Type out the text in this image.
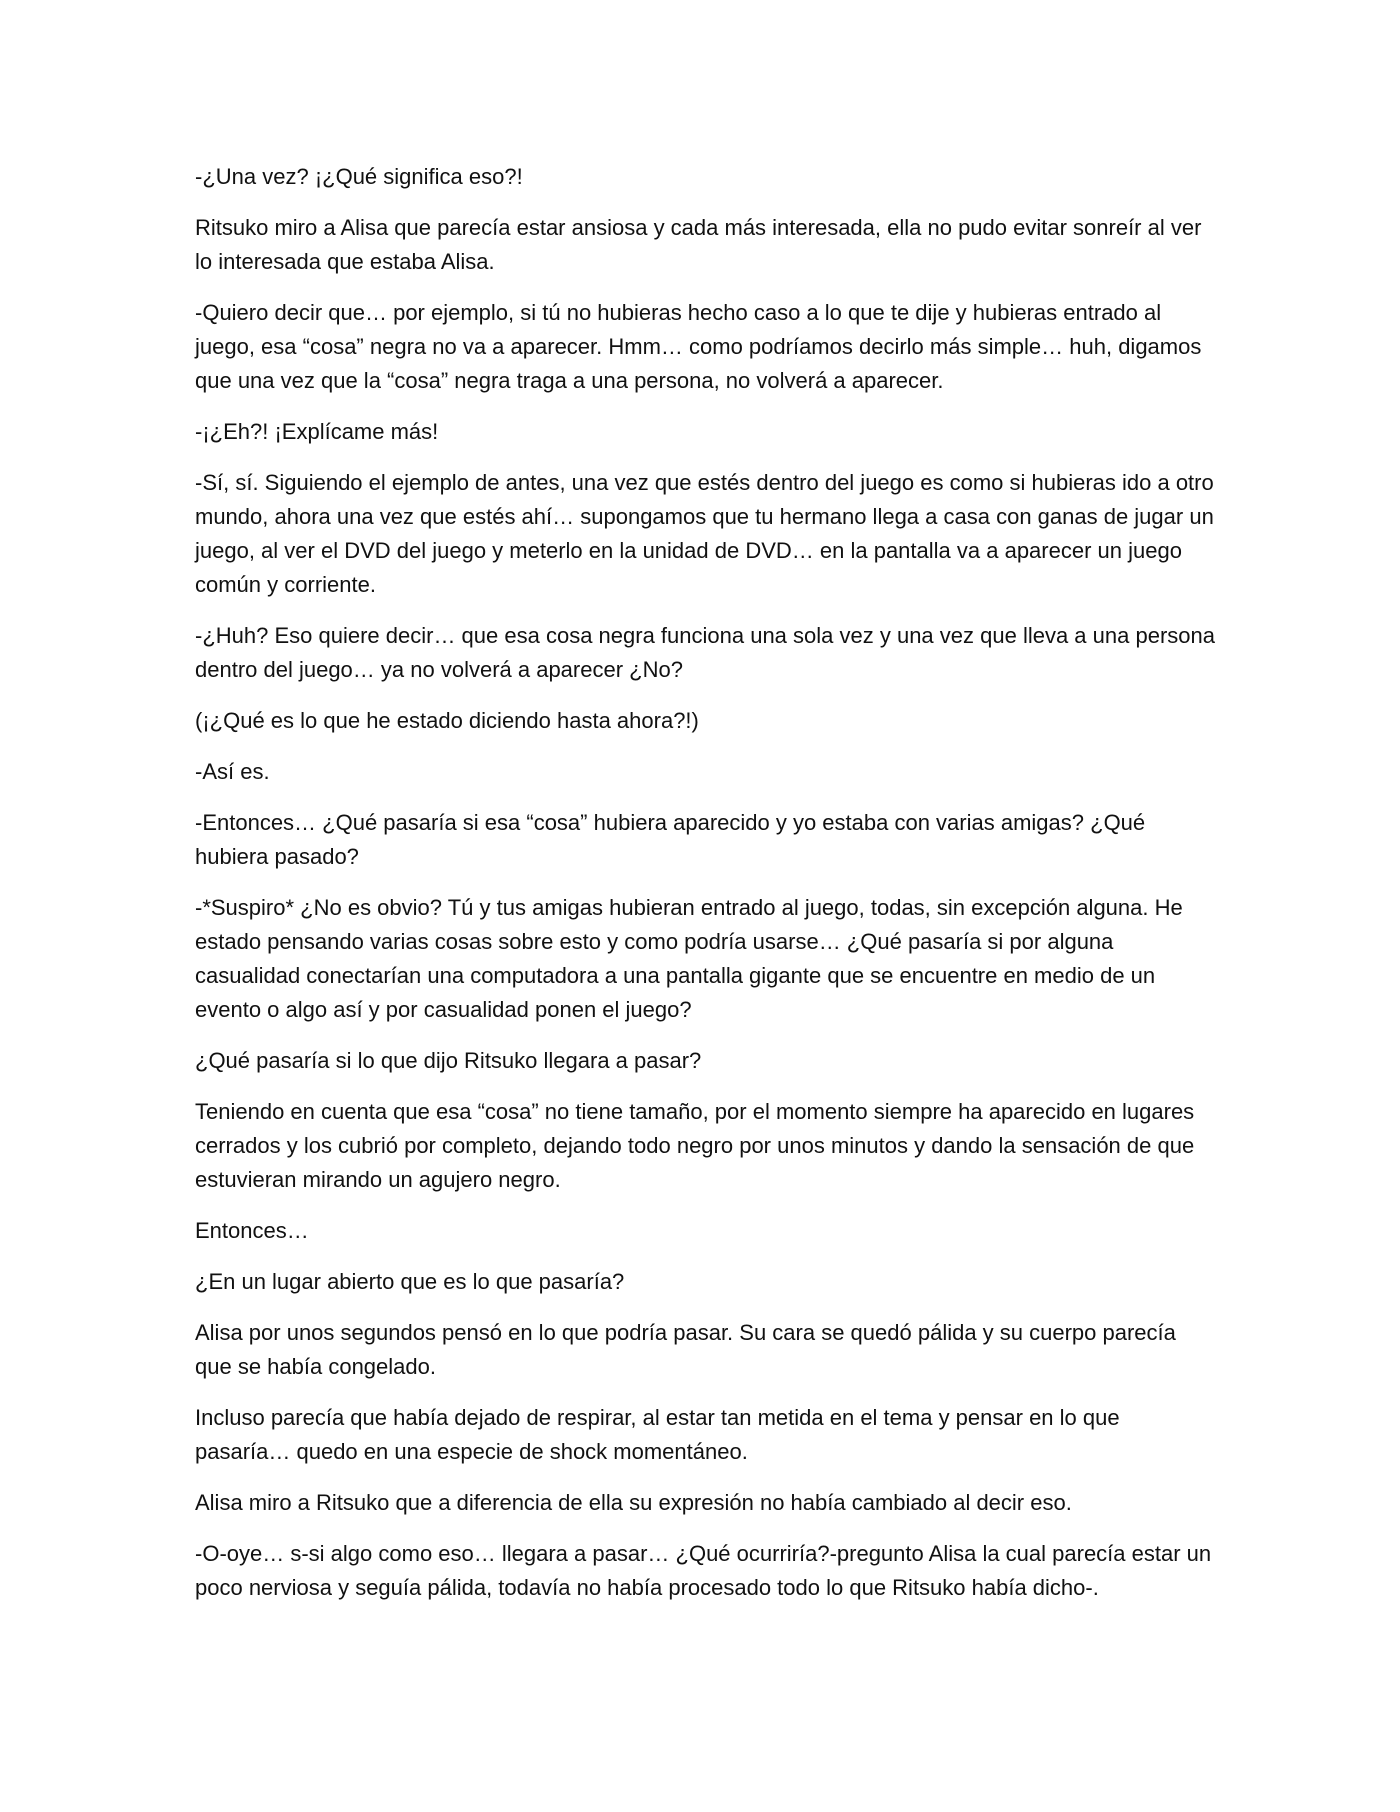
-¿Una vez? ¡¿Qué significa eso?!

Ritsuko miro a Alisa que parecía estar ansiosa y cada más interesada, ella no pudo evitar sonreír al ver lo interesada que estaba Alisa.

-Quiero decir que… por ejemplo, si tú no hubieras hecho caso a lo que te dije y hubieras entrado al juego, esa “cosa” negra no va a aparecer. Hmm… como podríamos decirlo más simple… huh, digamos que una vez que la “cosa” negra traga a una persona, no volverá a aparecer.

-¡¿Eh?! ¡Explícame más!

-Sí, sí. Siguiendo el ejemplo de antes, una vez que estés dentro del juego es como si hubieras ido a otro mundo, ahora una vez que estés ahí… supongamos que tu hermano llega a casa con ganas de jugar un juego, al ver el DVD del juego y meterlo en la unidad de DVD… en la pantalla va a aparecer un juego común y corriente.

-¿Huh? Eso quiere decir… que esa cosa negra funciona una sola vez y una vez que lleva a una persona dentro del juego… ya no volverá a aparecer ¿No?

(¡¿Qué es lo que he estado diciendo hasta ahora?!)

-Así es.

-Entonces… ¿Qué pasaría si esa “cosa” hubiera aparecido y yo estaba con varias amigas? ¿Qué hubiera pasado?

-*Suspiro* ¿No es obvio? Tú y tus amigas hubieran entrado al juego, todas, sin excepción alguna. He estado pensando varias cosas sobre esto y como podría usarse… ¿Qué pasaría si por alguna casualidad conectarían una computadora a una pantalla gigante que se encuentre en medio de un evento o algo así y por casualidad ponen el juego?

¿Qué pasaría si lo que dijo Ritsuko llegara a pasar?

Teniendo en cuenta que esa “cosa” no tiene tamaño, por el momento siempre ha aparecido en lugares cerrados y los cubrió por completo, dejando todo negro por unos minutos y dando la sensación de que estuvieran mirando un agujero negro.

Entonces…

¿En un lugar abierto que es lo que pasaría?

Alisa por unos segundos pensó en lo que podría pasar. Su cara se quedó pálida y su cuerpo parecía que se había congelado.

Incluso parecía que había dejado de respirar, al estar tan metida en el tema y pensar en lo que pasaría… quedo en una especie de shock momentáneo.

Alisa miro a Ritsuko que a diferencia de ella su expresión no había cambiado al decir eso.

-O-oye… s-si algo como eso… llegara a pasar… ¿Qué ocurriría?-pregunto Alisa la cual parecía estar un poco nerviosa y seguía pálida, todavía no había procesado todo lo que Ritsuko había dicho-.
